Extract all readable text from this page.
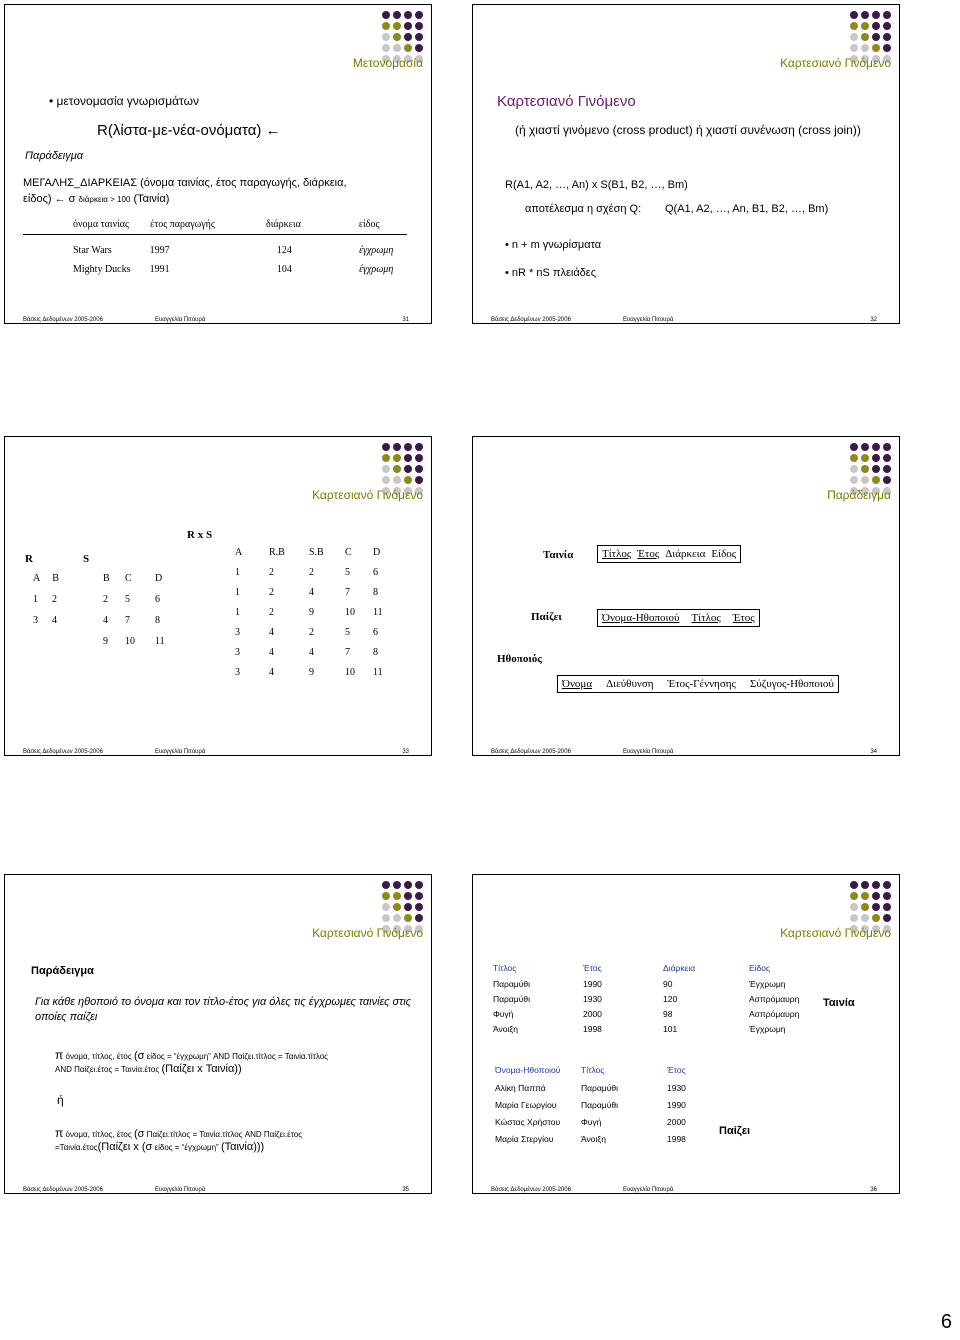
Μετονομασία
• μετονομασία γνωρισμάτων
R(λίστα-με-νέα-ονόματα) ←
Παράδειγμα
ΜΕΓΑΛΗΣ_ΔΙΑΡΚΕΙΑΣ (όνομα ταινίας, έτος παραγωγής, διάρκεια,
είδος) ← σ διάρκεια > 100 (Ταινία)
όνομα ταινίας	έτος παραγωγής	διάρκεια	είδος
Star Wars	1997	124	έγχρωμη
Mighty Ducks	1991	104	έγχρωμη
Βάσεις Δεδομένων 2005-2006	Ευαγγελία Πιτουρά	31
Καρτεσιανό Γινόμενο
Καρτεσιανό Γινόμενο
(ή χιαστί γινόμενο (cross product) ή χιαστί συνένωση (cross join))
R(A1, A2, …, An) x S(B1, B2, …, Bm)
αποτέλεσμα η σχέση Q: Q(A1, A2, …, An, B1, B2, …, Bm)
• n + m γνωρίσματα
• nR * nS πλειάδες
Βάσεις Δεδομένων 2005-2006	Ευαγγελία Πιτουρά	32
Καρτεσιανό Γινόμενο
R	S
R x S
A B
1 2
3 4
B	C	D
2	5	6
4	7	8
9	10	11
A	R.B	S.B	C	D
1	2	2	5	6
1	2	4	7	8
1	2	9	10	11
3	4	2	5	6
3	4	4	7	8
3	4	9	10	11
Βάσεις Δεδομένων 2005-2006	Ευαγγελία Πιτουρά	33
Παράδειγμα
Ταινία	Τίτλος Έτος Διάρκεια Είδος
Παίζει	Όνομα-Ηθοποιού Τίτλος Έτος
Ηθοποιός
Όνομα Διεύθυνση Έτος-Γέννησης Σύζυγος-Ηθοποιού
Βάσεις Δεδομένων 2005-2006	Ευαγγελία Πιτουρά	34
Καρτεσιανό Γινόμενο
Παράδειγμα
Για κάθε ηθοποιό το όνομα και τον τίτλο-έτος για όλες τις έγχρωμες ταινίες στις οποίες παίζει
π όνομα, τίτλος, έτος (σ είδος = “έγχρωμη” AND Παίζει.τίτλος = Ταινία.τίτλος
AND Παίζει.έτος = Ταινία.έτος (Παίζει x Ταινία))
ή
π όνομα, τίτλος, έτος (σ Παίζει.τίτλος = Ταινία.τίτλος AND Παίζει.έτος
=Ταινία.έτος(Παίζει x (σ είδος = “έγχρωμη” (Ταινία)))
Βάσεις Δεδομένων 2005-2006	Ευαγγελία Πιτουρά	35
Καρτεσιανό Γινόμενο
Τίτλος	Έτος	Διάρκεια	Είδος
Παραμύθι	1990	90	Έγχρωμη
Παραμύθι	1930	120	Ασπρόμαυρη
Φυγή	2000	98	Ασπρόμαυρη
Άνοιξη	1998	101	Έγχρωμη
Ταινία
Όνομα-Ηθοποιού	Τίτλος	Έτος
Αλίκη Παππά	Παραμύθι	1930
Μαρία Γεωργίου	Παραμύθι	1990
Κώστας Χρήστου	Φυγή	2000
Μαρία Στεργίου	Άνοιξη	1998
Παίζει
Βάσεις Δεδομένων 2005-2006	Ευαγγελία Πιτουρά	36
6
